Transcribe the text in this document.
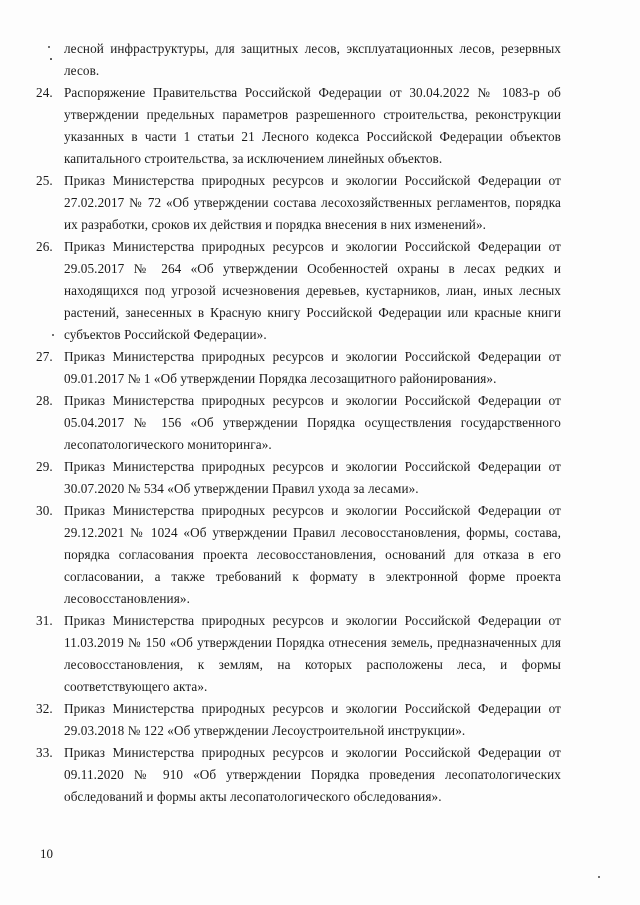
лесной инфраструктуры, для защитных лесов, эксплуатационных лесов, резервных лесов.

24. Распоряжение Правительства Российской Федерации от 30.04.2022 № 1083-р об утверждении предельных параметров разрешенного строительства, реконструкции указанных в части 1 статьи 21 Лесного кодекса Российской Федерации объектов капитального строительства, за исключением линейных объектов.
25. Приказ Министерства природных ресурсов и экологии Российской Федерации от 27.02.2017 № 72 «Об утверждении состава лесохозяйственных регламентов, порядка их разработки, сроков их действия и порядка внесения в них изменений».
26. Приказ Министерства природных ресурсов и экологии Российской Федерации от 29.05.2017 № 264 «Об утверждении Особенностей охраны в лесах редких и находящихся под угрозой исчезновения деревьев, кустарников, лиан, иных лесных растений, занесенных в Красную книгу Российской Федерации или красные книги субъектов Российской Федерации».
27. Приказ Министерства природных ресурсов и экологии Российской Федерации от 09.01.2017 № 1 «Об утверждении Порядка лесозащитного районирования».
28. Приказ Министерства природных ресурсов и экологии Российской Федерации от 05.04.2017 № 156 «Об утверждении Порядка осуществления государственного лесопатологического мониторинга».
29. Приказ Министерства природных ресурсов и экологии Российской Федерации от 30.07.2020 № 534 «Об утверждении Правил ухода за лесами».
30. Приказ Министерства природных ресурсов и экологии Российской Федерации от 29.12.2021 № 1024 «Об утверждении Правил лесовосстановления, формы, состава, порядка согласования проекта лесовосстановления, оснований для отказа в его согласовании, а также требований к формату в электронной форме проекта лесовосстановления».
31. Приказ Министерства природных ресурсов и экологии Российской Федерации от 11.03.2019 № 150 «Об утверждении Порядка отнесения земель, предназначенных для лесовосстановления, к землям, на которых расположены леса, и формы соответствующего акта».
32. Приказ Министерства природных ресурсов и экологии Российской Федерации от 29.03.2018 № 122 «Об утверждении Лесоустроительной инструкции».
33. Приказ Министерства природных ресурсов и экологии Российской Федерации от 09.11.2020 № 910 «Об утверждении Порядка проведения лесопатологических обследований и формы акты лесопатологического обследования».
10
